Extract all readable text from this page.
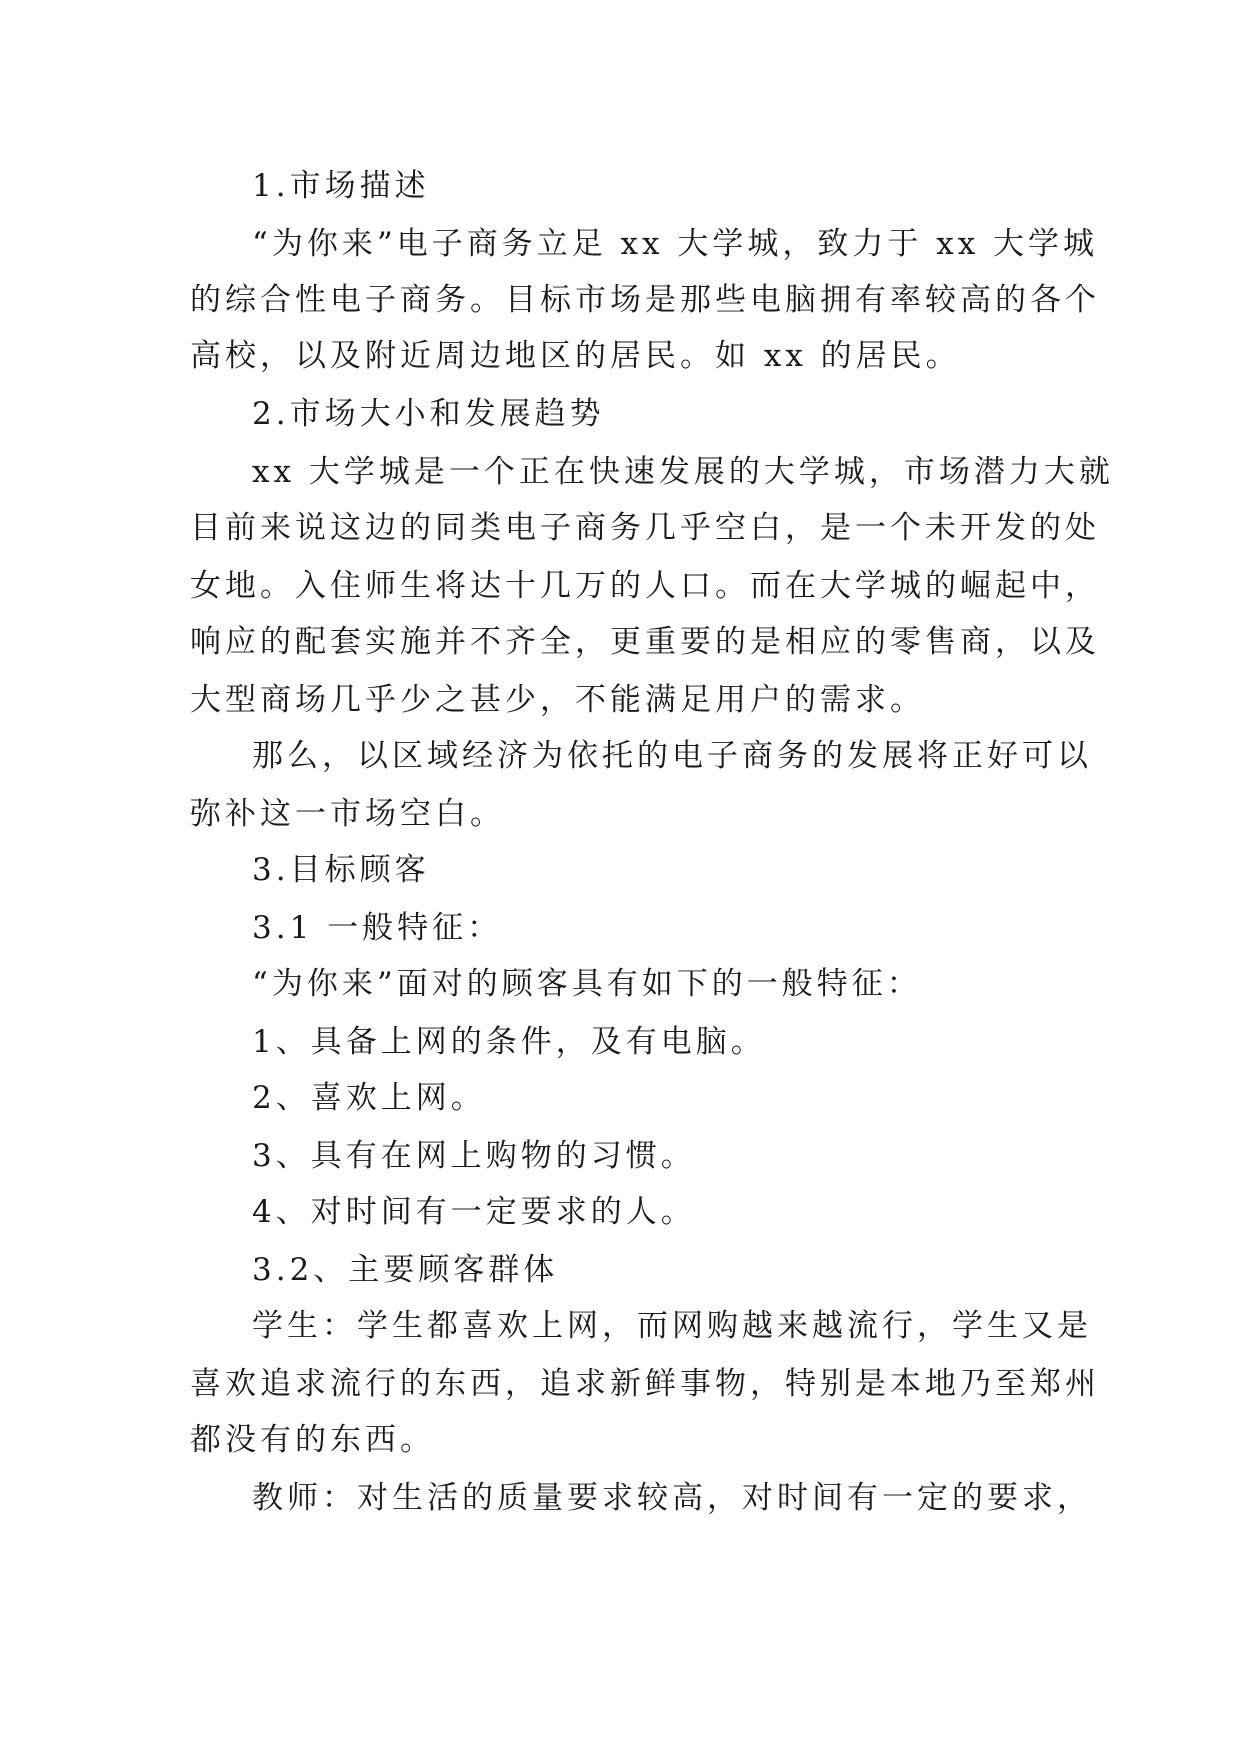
1.市场描述
“为你来”电子商务立足 xx 大学城，致力于 xx 大学城
的综合性电子商务。目标市场是那些电脑拥有率较高的各个
高校，以及附近周边地区的居民。如 xx 的居民。
2.市场大小和发展趋势
xx 大学城是一个正在快速发展的大学城，市场潜力大就
目前来说这边的同类电子商务几乎空白，是一个未开发的处
女地。入住师生将达十几万的人口。而在大学城的崛起中，
响应的配套实施并不齐全，更重要的是相应的零售商，以及
大型商场几乎少之甚少，不能满足用户的需求。
那么，以区域经济为依托的电子商务的发展将正好可以
弥补这一市场空白。
3.目标顾客
3.1 一般特征：
“为你来”面对的顾客具有如下的一般特征：
1、具备上网的条件，及有电脑。
2、喜欢上网。
3、具有在网上购物的习惯。
4、对时间有一定要求的人。
3.2、主要顾客群体
学生：学生都喜欢上网，而网购越来越流行，学生又是
喜欢追求流行的东西，追求新鲜事物，特别是本地乃至郑州
都没有的东西。
教师：对生活的质量要求较高，对时间有一定的要求，
